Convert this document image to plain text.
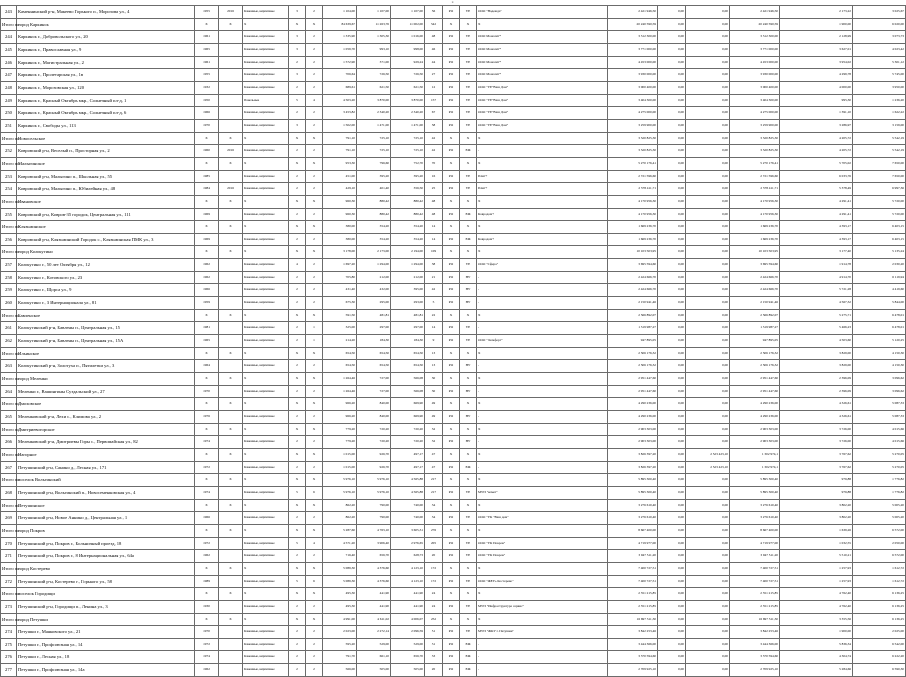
п
243	Каменнинский р-н, Макеево Горького п., Морозова ул., 4	1955	2016	Каменные, кирпичные	3	2	1 104,00	1 107,00	1 107,00	56	РО	УЕ	ООО "Надежда"	2 421 946,50	0,00	0,00	2 421 946,50	2 173,22	3 025,67
Итого по	город Каркинск	Х	Х	Х	Х	Х	84 639,67	11 263,76	11 002,00	542	Х	Х	Х	20 240 590,59	0,00	0,00	20 240 590,59	1 900,00	6 020,00
244	Каркинск г., Добровольского ул., 20	1961		Каменные, кирпичные	3	2	1 335,90	1 305,30	1 016,00	48	РО	УЕ	ООО Монолит*	3 312 300,00	0,00	0,00	3 312 300,00	2 128,99	3 073,73
245	Каркинск г., Православная ул., 9	1965		Каменные, кирпичные	3	2	1 059,70	993,10	998,00	46	РО	УЕ	ООО Монолит*	3 771 000,00	0,00	0,00	3 771 000,00	3 627,01	4 023,42
246	Каркинск г., Магистральная ул., 2	1961		Каменные, кирпичные	2	2	1 572,90	371,00	929,24	44	РО	УЕ	ООО Монолит*	4 453 000,00	0,00	0,00	4 453 000,00	3 954,02	5 301,12
247	Каркинск г., Пролетарская ул., 1в	1955		Каменные, кирпичные	3	2	706,64	726,50	726,50	27	РО	УЕ	ООО Монолит*	3 930 000,00	0,00	0,00	3 930 000,00	4 299,78	5 745,00
248	Каркинск г., Морозовская ул., 120	1932		Каменные, кирпичные	2	2	689,61	621,50	621,50	12	РО	УЕ	ООО "УЕ"Ваш Дом"	3 000 400,00	0,00	0,00	3 000 400,00	4 000,00	3 950,00
249	Каркинск г., Красный Октябрь мкр., Солнечный пл-д, 1	1950		Панельные	5	4	4 503,20	3 870,00	3 870,00	157	РО	УЕ	ООО "УЕ"Ваш Дом"	3 404 300,00	0,00	0,00	3 404 300,00	995,30	1 236,20
250	Каркинск г., Красный Октябрь мкр., Солнечный пл-д, 6	1966		Каменные, кирпичные	2	2	3 453,82	2 340,20	2 340,20	67	РО	УЕ	ООО "УЕ"Ваш Дом"	4 275 000,00	0,00	0,00	4 275 000,00	1 391,10	1 622,22
251	Каркинск г., Свободы ул., 113	1970		Каменные, кирпичные	3	2	1 502,00	1 471,00	1 471,00	58	РО	УЕ	ООО "УЕ"Ваш Дом"	3 259 900,00	0,00	0,00	3 259 900,00	3 286,97	3 159,00
Итого по	Новосельское	Х	Х	Х	Х	Х	791,10	725,10	725,10	42	Х	Х	Х	3 320 825,30	0,00	0,00	3 320 825,30	4 205,72	5 542,19
252	Ковровский р-н, Веселый п., Просторная ул., 2	1960	2016	Каменные, кирпичные	2	2	791,10	725,10	725,10	42	РО	ЕЖ	-	3 320 825,30	0,00	0,00	3 320 825,30	4 205,72	5 542,19
Итого по	Малыгинское	Х	Х	Х	Х	Х	953,30	796,60	752,70	70	Х	Х	Х	5 270 176,41	0,00	0,00	5 270 176,41	5 705,02	7 650,00
253	Ковровский р-н, Малыгино п., Школьная ул., 55	1985		Каменные, кирпичные	2	2	451,00	395,20	395,20	16	РО	УЕ	Плит+	2 721 596,60	0,00	0,00	2 721 596,60	6 033,76	7 650,00
254	Ковровский р-н, Малыгино п., Юбилейная ул., 48	1984	2016	Каменные, кирпичные	2	2	429,10	401,40	356,50	25	РО	УЕ	Плит+	2 578 411,71	0,00	0,00	2 578 411,71	5 378,49	6 997,36
Итого по	Ивановское	Х	Х	Х	Х	Х	960,30	880,42	880,42	48	Х	Х	Х	4 170 956,30	0,00	0,00	4 170 956,30	4 291,41	5 720,00
255	Ковровский р-н, Ковров-35 городок, Центральная ул., 111	1969		Каменные, кирпичные	2	2	960,30	880,42	880,42	48	РО	ЕЖ	Ковродом+	4 170 956,30	0,00	0,00	4 170 956,30	4 291,41	5 720,00
Итого по	Клязьминское	Х	Х	Х	Х	Х	380,00	354,20	354,20	14	Х	Х	Х	1 669 236,70	0,00	0,00	1 669 236,70	4 393,17	6 403,15
256	Ковровский р-н, Клязьминский Городок с., Клязьминская ПМК ул., 3	1969		Каменные, кирпичные	2	2	380,00	354,20	354,20	14	РО	ЕЖ	Ковродом+	1 669 236,70	0,00	0,00	1 669 236,70	4 393,17	6 403,15
Итого по	город Кольчугино	Х	Х	Х	Х	Х	3 178,00	2 173,00	2 194,00	109	Х	Х	Х	10 103 503,95	0,00	0,00	10 103 503,95	3 177,40	5 135,24
257	Кольчугино г., 50 лет Октября ул., 12	1962		Каменные, кирпичные	4	2	1 697,20	1 294,00	1 294,00	38	РО	УЕ	ООО "Сфера"	3 695 594,60	0,00	0,00	3 695 594,60	1 914,78	2 030,20
258	Кольчугино г., Котовского ул., 23	1962		Каменные, кирпичные	2	2	705,80	212,00	212,00	21	РО	НУ	-	2 424 666,70	0,00	0,00	2 424 666,70	4 914,70	6 119,94
259	Кольчугино г., Щорса ул., 9	1966		Каменные, кирпичные	2	2	431,40	432,00	395,00	42	РО	НУ	-	2 424 666,70	0,00	0,00	2 424 666,70	5 721,28	4 419,60
260	Кольчугино г., 3 Интернационала ул., 81	1959		Каменные, кирпичные	2	2	675,30	295,00	293,00	5	РО	НУ	-	2 150 941,46	0,00	0,00	2 150 941,46	4 567,32	5 844,00
Итого по	Бавленское	Х	Х	Х	Х	Х	591,50	481,81	481,81	22	Х	Х	Х	2 566 892,07	0,00	0,00	2 566 892,07	5 275,71	6 478,01
261	Кольчугинский р-н, Бавлены п., Центральная ул., 15	1981		Каменные, кирпичные	2	1	325,00	297,00	297,00	14	РО	УЕ	-	1 319 987,27	0,00	0,00	1 319 987,27	5 466,23	6 478,01
262	Кольчугинский р-н, Бавлены п., Центральная ул., 15А	1965		Каменные, кирпичные	2	1	214,20	184,30	184,30	9	РО	УЕ	ООО " Комфорт"	947 895,05	0,00	0,00	947 895,05	4 503,60	5 120,25
Итого по	Ильинское	Х	Х	Х	Х	Х	654,50	654,50	654,50	13	Х	Х	Х	2 506 176,32	0,00	0,00	2 506 176,32	3 829,00	4 150,30
263	Кольчугинский р-н, Золотуха п., Пятилетки ул., 3	1964		Каменные, кирпичные	2	2	654,50	654,50	654,50	13	РО	НУ	-	2 506 176,32	0,00	0,00	2 506 176,32	3 829,00	4 150,30
Итого по	город Меленки	Х	Х	Х	Х	Х	1 264,46	727,00	566,08	30	Х	Х	Х	2 951 447,60	0,00	0,00	2 951 447,60	2 396,09	3 096,62
264	Меленки г., Вашингины Суздальский ул., 27	1970		Каменные, кирпичные	2	2	1 264,46	727,00	566,08	30	РО	НУ	-	2 951 447,60	0,00	0,00	2 951 447,60	2 396,09	3 096,62
Итого по	Дмоховское	Х	Х	Х	Х	Х	966,20	840,00	669,90	49	Х	Х	Х	4 290 236,00	0,00	0,00	4 290 236,00	4 326,61	5 087,33
265	Меленковский р-н, Лехи с., Климова ул., 2	1976		Каменные, кирпичные	2	2	966,20	840,00	669,90	49	РО	НУ	-	4 290 236,00	0,00	0,00	4 290 236,00	4 326,61	5 087,33
Итого по	Дмитриевогорское	Х	Х	Х	Х	Х	779,20	720,20	720,20	32	Х	Х	Х	2 903 303,00	0,00	0,00	2 903 303,00	3 726,00	4 015,66
266	Меленковский р-н, Дмитриевы Горы с., Первомайская ул., 82	1974		Каменные, кирпичные	2	2	779,20	720,20	720,20	32	РО	НУ	-	2 903 303,00	0,00	0,00	2 903 303,00	3 726,00	4 015,66
Итого по	Нагорное	Х	Х	Х	Х	Х	1 015,00	926,70	497,17	47	Х	Х	Х	3 826 397,20	0,00	2 523 423,10	1 302 974,1	3 767,62	5 270,05
267	Петушинский р-н, Санино д., Лесная ул., 171	1972		Каменные, кирпичные	2	2	1 015,00	926,70	497,17	47	РО	ЕЖ	-	3 826 397,20	0,00	2 523 423,10	1 302 974,1	3 767,62	5 270,05
Итого по	поселок Вольгинский	Х	Х	Х	Х	Х	5 976,10	5 976,10	4 565,88	217	Х	Х	Х	5 895 300,40	0,00	0,00	5 895 300,40	976,88	1 776,82
268	Петушинский р-н, Вольгинский п., Новосеменковская ул., 4	1974		Каменные, кирпичные	5	6	5 976,10	5 976,10	4 565,88	217	РО	УЕ	МУП "комет"	5 895 300,40	0,00	0,00	5 895 300,40	976,88	1 776,82
Итого по	Петушинское	Х	Х	Х	Х	Х	862,20	790,00	740,00	34	Х	Х	Х	3 276 610,40	0,00	0,00	3 276 610,40	3 802,20	5 005,20
269	Петушинский р-н, Новое Аннино д., Центральная ул., 1	1966		Каменные, кирпичные	2	2	862,20	790,00	740,00	34	РО	УЕ	ООО "УК "Ваш дом"	3 276 610,40	0,00	0,00	3 276 610,40	3 802,20	5 005,20
Итого по	город Покров	Х	Х	Х	Х	Х	5 287,60	4 763,10	3 605,31	276	Х	Х	Х	8 667 400,00	0,00	0,00	8 667 400,00	1 639,26	6 572,00
270	Петушинский р-н, Покров г., Больничный проезд, 18	1972		Каменные, кирпичные	5	4	4 571,20	3 906,40	2 976,65	205	РО	УЕ	ООО "УК Покров"	4 719 977,00	0,00	0,00	4 719 977,00	1 032,55	2 050,00
271	Петушинский р-н, Покров г., 8 Интернациональная ул., 64а	1962		Каменные, кирпичные	2	2	716,40	656,70	628,73	20	РО	УЕ	ООО "УК Покров"	3 947 511,20	0,00	0,00	3 947 511,20	5 510,21	6 572,00
Итого по	город Костерево	Х	Х	Х	Х	Х	5 089,30	4 376,60	4 123,10	172	Х	Х	Х	7 400 727,51	0,00	0,00	7 400 727,51	1 257,93	1 612,72
272	Петушинский р-н, Костерево г., Горького ул., 58	1989		Каменные, кирпичные	5	6	5 089,30	4 376,60	4 123,10	172	РО	УЕ	ООО "ЖЕУ» Костерево"	7 400 727,51	0,00	0,00	7 400 727,51	1 257,93	1 612,72
Итого по	поселок Городищи	Х	Х	Х	Х	Х	495,30	441,90	441,90	24	Х	Х	Х	2 351 215,85	0,00	0,00	2 351 215,85	4 762,40	6 136,25
273	Петушинский р-н, Городищи п., Ленина ул., 3	1930		Каменные, кирпичные	2	2	495,30	441,90	441,90	24	РО	УЕ	МУП "Инфраструктура сервис"	2 351 215,85	0,00	0,00	2 351 215,85	4 762,40	6 136,25
Итого по	город Петушки	Х	Х	Х	Х	Х	4 991,00	4 611,02	4 006,07	252	Х	Х	Х	16 697 311,30	0,00	0,00	16 697 311,30	3 355,56	6 136,25
274	Петушки г., Маяковского ул., 21	1970		Каменные, кирпичные	2	2	2 023,00	2 272,14	2 096,59	51	РО	УЕ	МУП "ЖКУ г. Петушки"	3 842 253,46	0,00	0,00	3 842 253,46	1 900,00	2 025,00
275	Петушки г., Профсоюзная ул., 14	1972		Каменные, кирпичные	2	2	595,20	529,00	529,00	31	РО	ЕЖ	-	3 444 366,00	0,00	0,00	3 444 366,00	5 836,34	6 542,00
276	Петушки г., Лесная ул., 18	1974		Каменные, кирпичные	2	2	791,70	661,10	656,70	33	РО	ЕЖ	-	3 370 594,60	0,00	0,00	3 370 594,60	4 304,74	6 222,20
277	Петушки г., Профсоюзная ул., 14а	1962		Каменные, кирпичные	2	2	566,00	505,00	505,00	20	РО	ЕЖ	-	2 709 925,10	0,00	0,00	2 709 925,10	5 284,66	6 590,30
